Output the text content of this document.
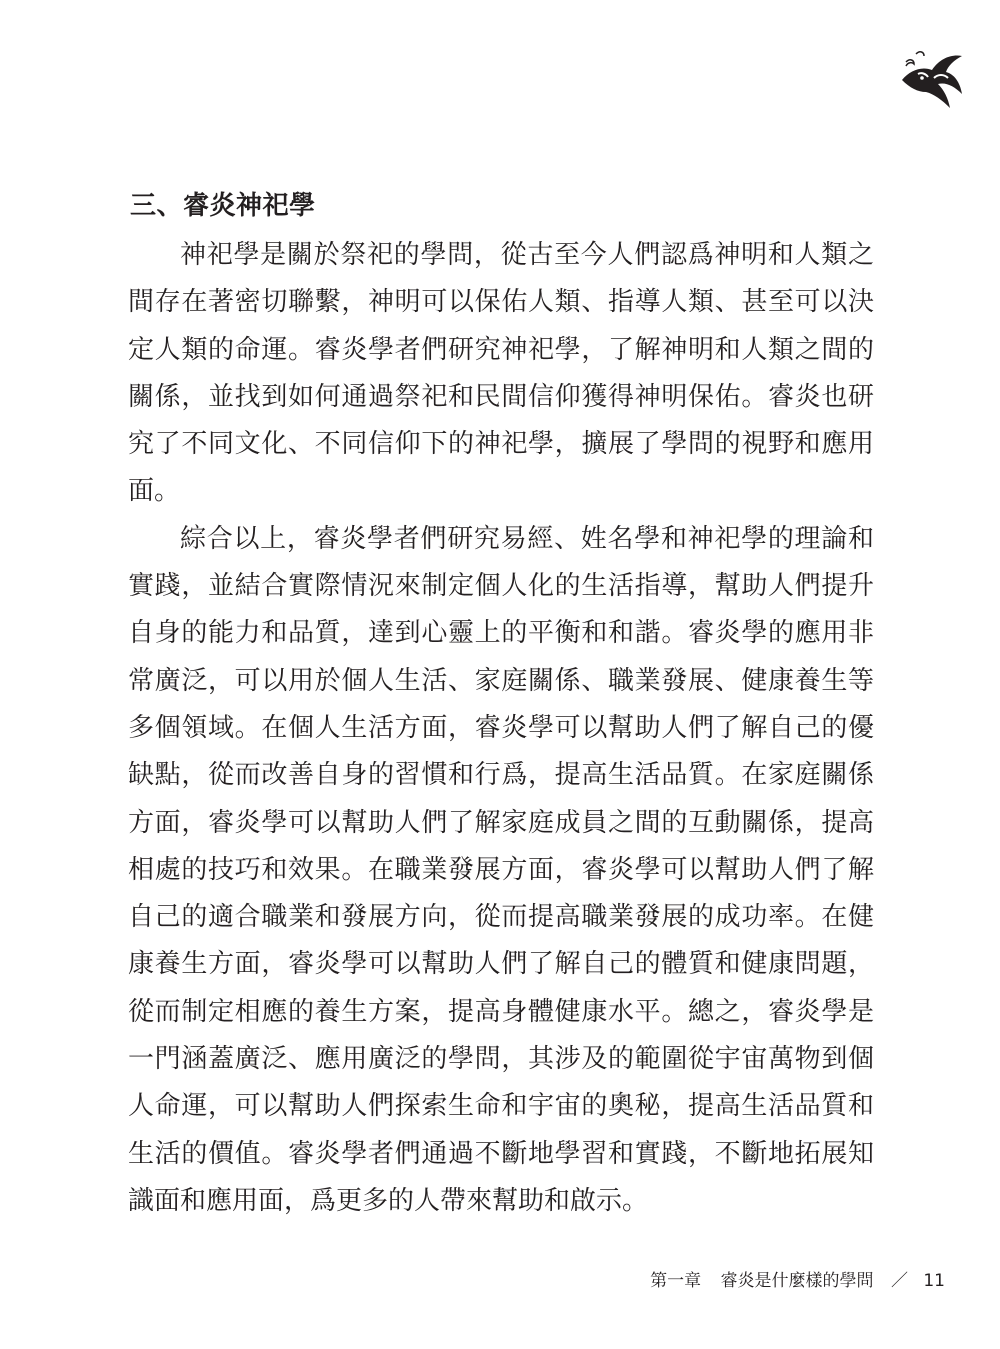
三、睿炎神祀學

神祀學是關於祭祀的學問，從古至今人們認爲神明和人類之間存在著密切聯繫，神明可以保佑人類、指導人類、甚至可以決定人類的命運。睿炎學者們研究神祀學，了解神明和人類之間的關係，並找到如何通過祭祀和民間信仰獲得神明保佑。睿炎也研究了不同文化、不同信仰下的神祀學，擴展了學問的視野和應用面。

綜合以上，睿炎學者們研究易經、姓名學和神祀學的理論和實踐，並結合實際情況來制定個人化的生活指導，幫助人們提升自身的能力和品質，達到心靈上的平衡和和諧。睿炎學的應用非常廣泛，可以用於個人生活、家庭關係、職業發展、健康養生等多個領域。在個人生活方面，睿炎學可以幫助人們了解自己的優缺點，從而改善自身的習慣和行爲，提高生活品質。在家庭關係方面，睿炎學可以幫助人們了解家庭成員之間的互動關係，提高相處的技巧和效果。在職業發展方面，睿炎學可以幫助人們了解自己的適合職業和發展方向，從而提高職業發展的成功率。在健康養生方面，睿炎學可以幫助人們了解自己的體質和健康問題，從而制定相應的養生方案，提高身體健康水平。總之，睿炎學是一門涵蓋廣泛、應用廣泛的學問，其涉及的範圍從宇宙萬物到個人命運，可以幫助人們探索生命和宇宙的奧秘，提高生活品質和生活的價值。睿炎學者們通過不斷地學習和實踐，不斷地拓展知識面和應用面，爲更多的人帶來幫助和啟示。

第一章 睿炎是什麼樣的學問 ／ 11
